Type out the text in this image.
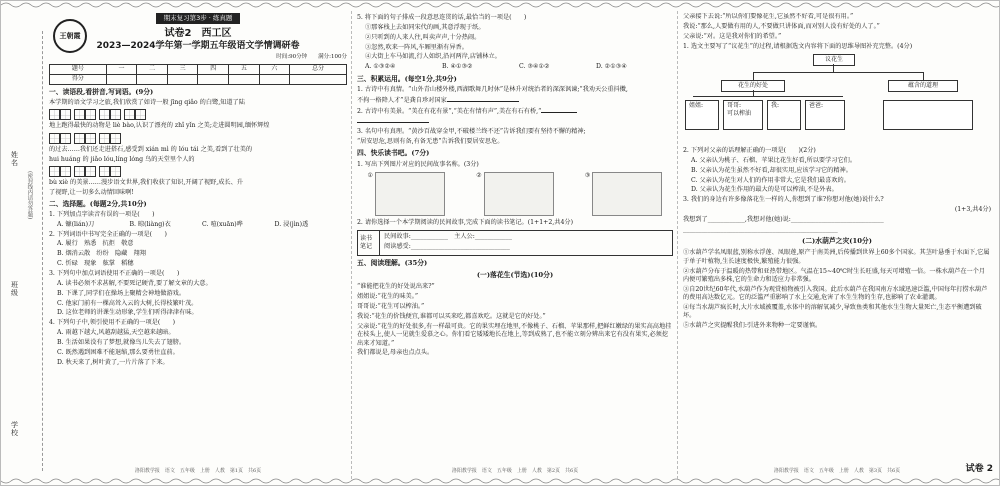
姓名
班级
学校
(密封线内请勿答题)
王朝霞
期末复习第3步 · 练真题
试卷2　西工区
2023—2024学年第一学期五年级语文学情调研卷
时间:90分钟　　满分:100分
题号	一	二	三	四	五	六	总分
得分							
一、读语段,看拼音,写词语。(9分)

本学期的语文学习之旅,我们欣赏了如诗一般 jīng qiǎo 的白鹭,知道了陆

地上跑得最快的动物是 liè bào,认识了漂亮的 zhǐ yǐn 之美;走进圆明园,缅怀辉煌

的过去……我们还走进搭石,感受到 xián mì 的 lóu tái 之美,看到了壮美的

hui huáng 的 jiǎo lóu,líng lóng 鸟的天堂里个人的

bù xiè 的美景……漫步语文世界,我们收获了知识,开阔了视野,成长、升

了视野,让一切多么动情回味啊!

二、选择题。(每题2分,共10分)

1. 下列加点字读音有误的一项是(　　)

A. 镰(lián)刀	B. 晾(liàng)衣	C. 喧(xuān)哗	D. 浸(jìn)透

2. 下列词语中书写完全正确的一项是(　　)

A. 履行　熟悉　抗拒　敬意

B. 烟消云散　纷纷　隐藏　翔翔

C. 忻碌　现象　舷掌　稻穗

3. 下列句中加点词语使用不正确的一项是(　　)

A. 读书必须不求甚解,不要死记硬背,要了解文章的大意。

B. 下课了,同学们在操场上聚精会神地做游戏。

C. 他家门前有一棵高耸入云的大树,长得枝繁叶茂。

D. 这位老师的讲课生动形象,学生们听得津津有味。

4. 下列句子中,领引使用不正确的一项是(　　)

A. 雨越下越大,风越刮越猛,天空越来越暗。

B. 生活如果没有了梦想,就像鸟儿失去了翅膀。

C. 既然遇到困难不能退缩,那么要勇往直前。

D. 秋天来了,树叶黄了,一片片落了下来。

洛阳教学报　语文　五年级　上册　人教　第1页　共6页

5. 将下面的句子排成一段意思连贯的话,最恰当的一项是(　　)

①那客栈上去如同宋代的画,其意浮现于纸。

②只听到的人来人往,叫卖声声,十分热闹。

③忽然,吹来一阵风,车厢里渐有异香。

④大街上车马如流,行人如织,沿河两岸,店铺林立。

A. ①③②④	B. ④①③②	C. ③④①②	D. ②①③④
三、积累运用。(每空1分,共9分)

1. 古诗中有真情。“山外青山楼外楼,西湖歌舞几时休”是林升对统治者的深深讽谏;“我劝天公重抖擞,

不拘一格降人才”是龚自珍对国家

2. 古诗中有美景。“美在有花有景”,“美在有情有声”,美在有石有桥,“

3. 名句中有真理。“黄沙百战穿金甲,不破楼兰终不还”告诉我们要有坚持不懈的精神;

“居安思危,思则有备,有备无患”告诉我们要居安思危。

四、快乐读书吧。(7分)

1. 写出下列图片对应的民间故事名称。(3分)

①	②	③

2. 请你选择一个本学期阅读的民间故事,完成下面的读书笔记。(1+1+2,共4分)

读书笔记

民间故事:____________　主人公:____________

阅读感受:________________________________

五、阅读理解。(35分)
(一)落花生(节选)(10分)

“谁能把花生的好处说出来?”

姐姐说:“花生的味美。”

哥哥说:“花生可以榨油。”

我说:“花生的价钱便宜,谁都可以买来吃,都喜欢吃。这就是它的好处。”

父亲说:“花生的好处很多,有一样最可贵。它的果实埋在地里,不像桃子、石榴、苹果那样,把鲜红嫩绿的果实高高地挂在枝头上,使人一见就生爱慕之心。你们看它矮矮地长在地上,等到成熟了,也不能立刻分辨出来它有没有果实,必须挖出来才知道。”

我们都说是,母亲也点点头。

洛阳教学报　语文　五年级　上册　人教　第2页　共6页

父亲接下去说:“所以你们要像花生,它虽然不好看,可是很有用。”

我说:“那么,人要做有用的人,不要做只讲体面,而对别人没有好处的人了。”

父亲说:“对。这是我对你们的希望。”

1. 选文主要写了“议花生”的过程,请根据选文内容将下面的思维导图补充完整。(4分)

议花生
花生的好处	蕴含的道理
姐姐:	哥哥:
可以榨油
我:	爸爸:

2. 下列对父亲的话理解正确的一项是(　　)(2分)

A. 父亲认为桃子、石榴、苹果比花生好看,所以要学习它们。

B. 父亲认为花生虽然不好看,却很实用,应该学习它的精神。

C. 父亲认为花生对人们的作用非常大,它是我们最喜欢的。

D. 父亲认为花生作用的最大的是可以榨油,不是外表。

3. 我们的身边有许多像落花生一样的人,你想到了谁?你想对他(她)说什么?

(1+3,共4分)

我想到了____________,我想对他(她)说:______________________________

__________________________________________________

(二)水葫芦之灾(10分)

①水葫芦学名凤眼蓝,别称水浮莲、凤眼莲,原产于南美洲,后传播到世界上60多个国家。其茎叶悬垂于水面下,它属于单子叶植物,生长速度极快,繁殖能力很强。

②水葫芦分布于温暖的热带和亚热带地区。气温在15~40℃时生长旺盛,每天可增殖一倍。一株水葫芦在一个月内便可繁殖出多株,它的生命力和适应力非常强。

③自20世纪60年代,水葫芦作为观赏植物被引入我国。此后水葫芦在我国南方水域迅速泛滥,中国每年打捞水葫芦的费用高达数亿元。它的泛滥严重影响了水上交通,危害了水生生物的生存,也影响了农业灌溉。

④每当水葫芦疯长时,大片水域被覆盖,水体中的溶解氧减少,导致鱼类和其他水生生物大量死亡,生态平衡遭到破坏。

⑤水葫芦之灾提醒我们:引进外来物种一定要谨慎。

洛阳教学报　语文　五年级　上册　人教　第3页　共6页	试卷 2
